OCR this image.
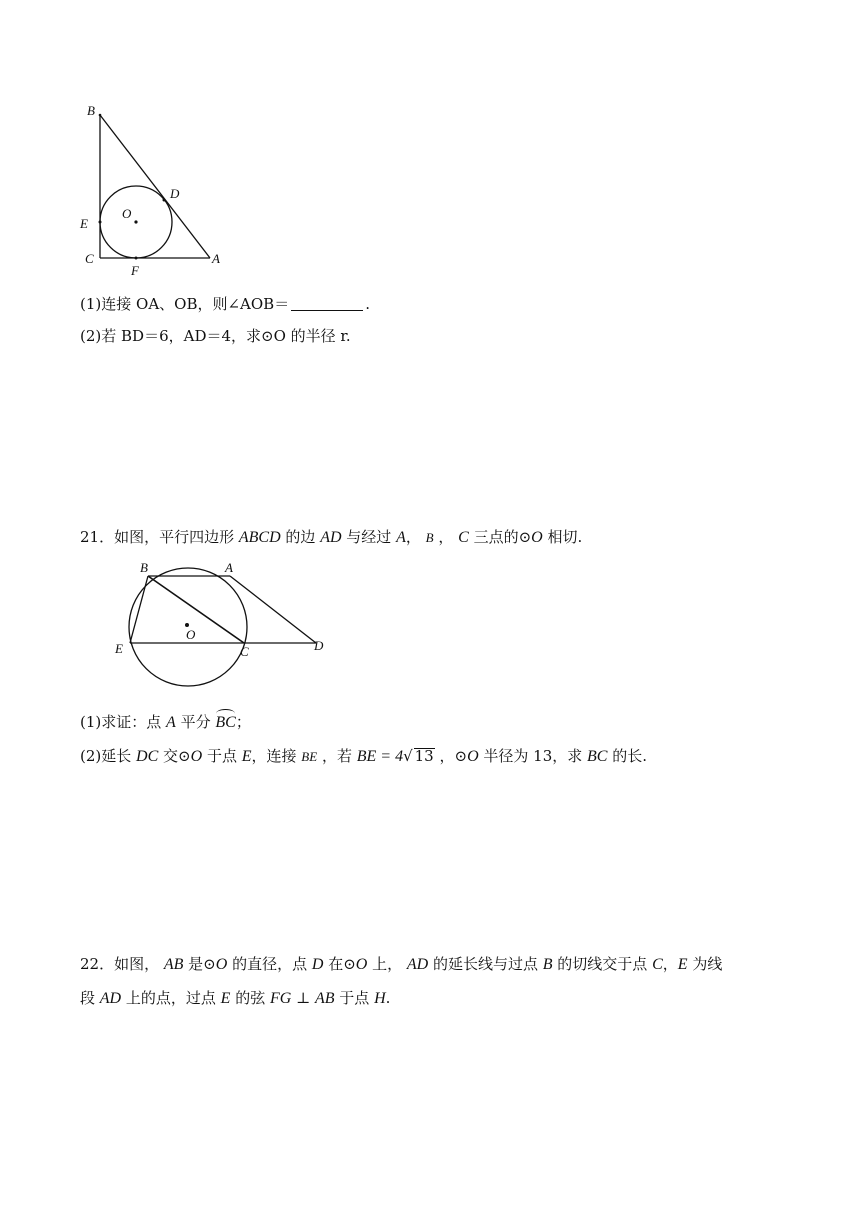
B
D
O
E
C
F
A
(1)连接 OA、OB，则∠AOB＝	.
(2)若 BD＝6，AD＝4，求⊙O 的半径 r.
21．如图，平行四边形 ABCD 的边 AD 与经过 A， B ， C 三点的⊙O 相切.
B	A
O
E	C	D
(1)求证：点 A 平分 BC；
(2)延长 DC 交⊙O 于点 E，连接 BE ，若 BE = 4√ 13 ，⊙O 半径为 13，求 BC 的长.
22．如图， AB 是⊙O 的直径，点 D 在⊙O 上， AD 的延长线与过点 B 的切线交于点 C，E 为线
段 AD 上的点，过点 E 的弦 FG ⊥ AB 于点 H.
